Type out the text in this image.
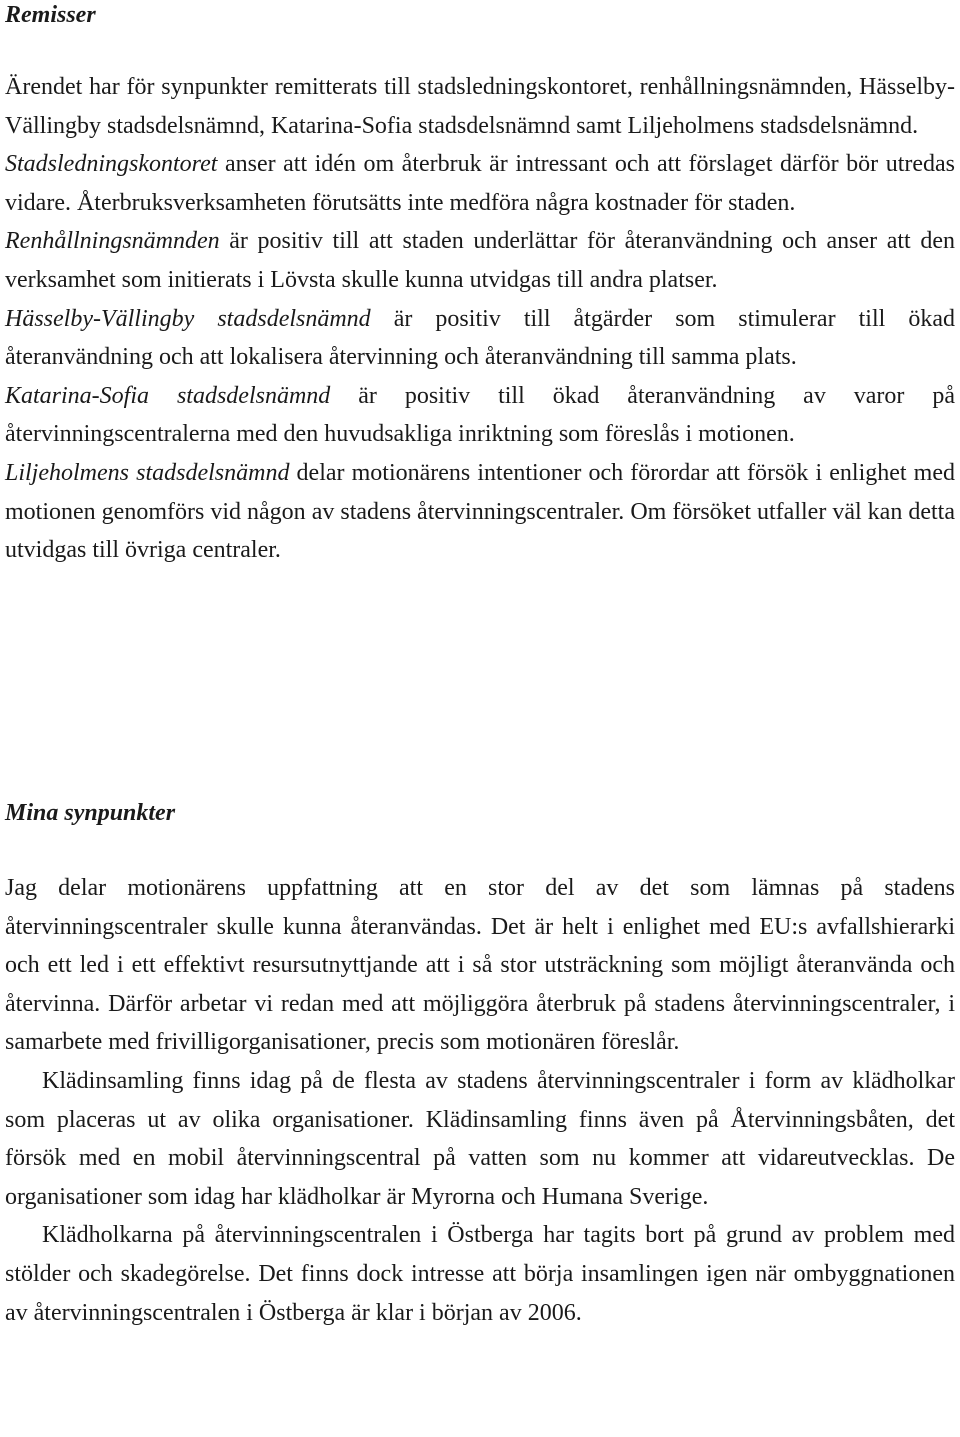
Remisser

Ärendet har för synpunkter remitterats till stadsledningskontoret, renhållningsnämnden, Hässelby-Vällingby stadsdelsnämnd, Katarina-Sofia stadsdelsnämnd samt Liljeholmens stadsdelsnämnd.

Stadsledningskontoret anser att idén om återbruk är intressant och att förslaget därför bör utredas vidare. Återbruksverksamheten förutsätts inte medföra några kostnader för staden.

Renhållningsnämnden är positiv till att staden underlättar för återanvändning och anser att den verksamhet som initierats i Lövsta skulle kunna utvidgas till andra platser.

Hässelby-Vällingby stadsdelsnämnd är positiv till åtgärder som stimulerar till ökad återanvändning och att lokalisera återvinning och återanvändning till samma plats.

Katarina-Sofia stadsdelsnämnd är positiv till ökad återanvändning av varor på återvinningscentralerna med den huvudsakliga inriktning som föreslås i motionen.

Liljeholmens stadsdelsnämnd delar motionärens intentioner och förordar att försök i enlighet med motionen genomförs vid någon av stadens återvinningscentraler. Om försöket utfaller väl kan detta utvidgas till övriga centraler.

Mina synpunkter

Jag delar motionärens uppfattning att en stor del av det som lämnas på stadens återvinningscentraler skulle kunna återanvändas. Det är helt i enlighet med EU:s avfallshierarki och ett led i ett effektivt resursutnyttjande att i så stor utsträckning som möjligt återanvända och återvinna. Därför arbetar vi redan med att möjliggöra återbruk på stadens återvinningscentraler, i samarbete med frivilligorganisationer, precis som motionären föreslår.

Klädinsamling finns idag på de flesta av stadens återvinningscentraler i form av klädholkar som placeras ut av olika organisationer. Klädinsamling finns även på Återvinningsbåten, det försök med en mobil återvinningscentral på vatten som nu kommer att vidareutvecklas. De organisationer som idag har klädholkar är Myrorna och Humana Sverige.

Klädholkarna på återvinningscentralen i Östberga har tagits bort på grund av problem med stölder och skadegörelse. Det finns dock intresse att börja insamlingen igen när ombyggnationen av återvinningscentralen i Östberga är klar i början av 2006.
